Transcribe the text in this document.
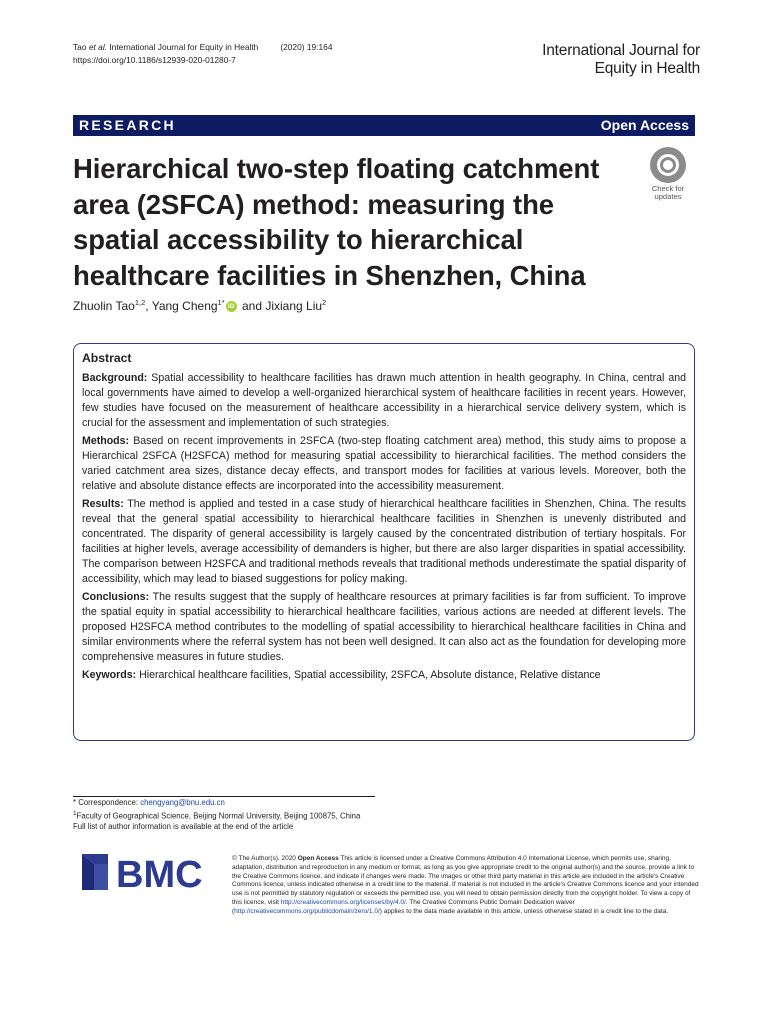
Tao et al. International Journal for Equity in Health	(2020) 19:164
https://doi.org/10.1186/s12939-020-01280-7
International Journal for
Equity in Health
RESEARCH	Open Access
Hierarchical two-step floating catchment area (2SFCA) method: measuring the spatial accessibility to hierarchical healthcare facilities in Shenzhen, China
Check for
updates
Zhuolin Tao$^{1,2}$, Yang Cheng$^{1*}$ iD and Jixiang Liu$^2$
Abstract

Background: Spatial accessibility to healthcare facilities has drawn much attention in health geography. In China, central and local governments have aimed to develop a well-organized hierarchical system of healthcare facilities in recent years. However, few studies have focused on the measurement of healthcare accessibility in a hierarchical service delivery system, which is crucial for the assessment and implementation of such strategies.

Methods: Based on recent improvements in 2SFCA (two-step floating catchment area) method, this study aims to propose a Hierarchical 2SFCA (H2SFCA) method for measuring spatial accessibility to hierarchical facilities. The method considers the varied catchment area sizes, distance decay effects, and transport modes for facilities at various levels. Moreover, both the relative and absolute distance effects are incorporated into the accessibility measurement.

Results: The method is applied and tested in a case study of hierarchical healthcare facilities in Shenzhen, China. The results reveal that the general spatial accessibility to hierarchical healthcare facilities in Shenzhen is unevenly distributed and concentrated. The disparity of general accessibility is largely caused by the concentrated distribution of tertiary hospitals. For facilities at higher levels, average accessibility of demanders is higher, but there are also larger disparities in spatial accessibility. The comparison between H2SFCA and traditional methods reveals that traditional methods underestimate the spatial disparity of accessibility, which may lead to biased suggestions for policy making.

Conclusions: The results suggest that the supply of healthcare resources at primary facilities is far from sufficient. To improve the spatial equity in spatial accessibility to hierarchical healthcare facilities, various actions are needed at different levels. The proposed H2SFCA method contributes to the modelling of spatial accessibility to hierarchical healthcare facilities in China and similar environments where the referral system has not been well designed. It can also act as the foundation for developing more comprehensive measures in future studies.

Keywords: Hierarchical healthcare facilities, Spatial accessibility, 2SFCA, Absolute distance, Relative distance

* Correspondence: chengyang@bnu.edu.cn
$^1$Faculty of Geographical Science, Beijing Normal University, Beijing 100875, China
Full list of author information is available at the end of the article
BMC	© The Author(s). 2020 Open Access This article is licensed under a Creative Commons Attribution 4.0 International License, which permits use, sharing, adaptation, distribution and reproduction in any medium or format, as long as you give appropriate credit to the original author(s) and the source, provide a link to the Creative Commons licence, and indicate if changes were made. The images or other third party material in this article are included in the article's Creative Commons licence, unless indicated otherwise in a credit line to the material. If material is not included in the article's Creative Commons licence and your intended use is not permitted by statutory regulation or exceeds the permitted use, you will need to obtain permission directly from the copyright holder. To view a copy of this licence, visit http://creativecommons.org/licenses/by/4.0/. The Creative Commons Public Domain Dedication waiver (http://creativecommons.org/publicdomain/zero/1.0/) applies to the data made available in this article, unless otherwise stated in a credit line to the data.
